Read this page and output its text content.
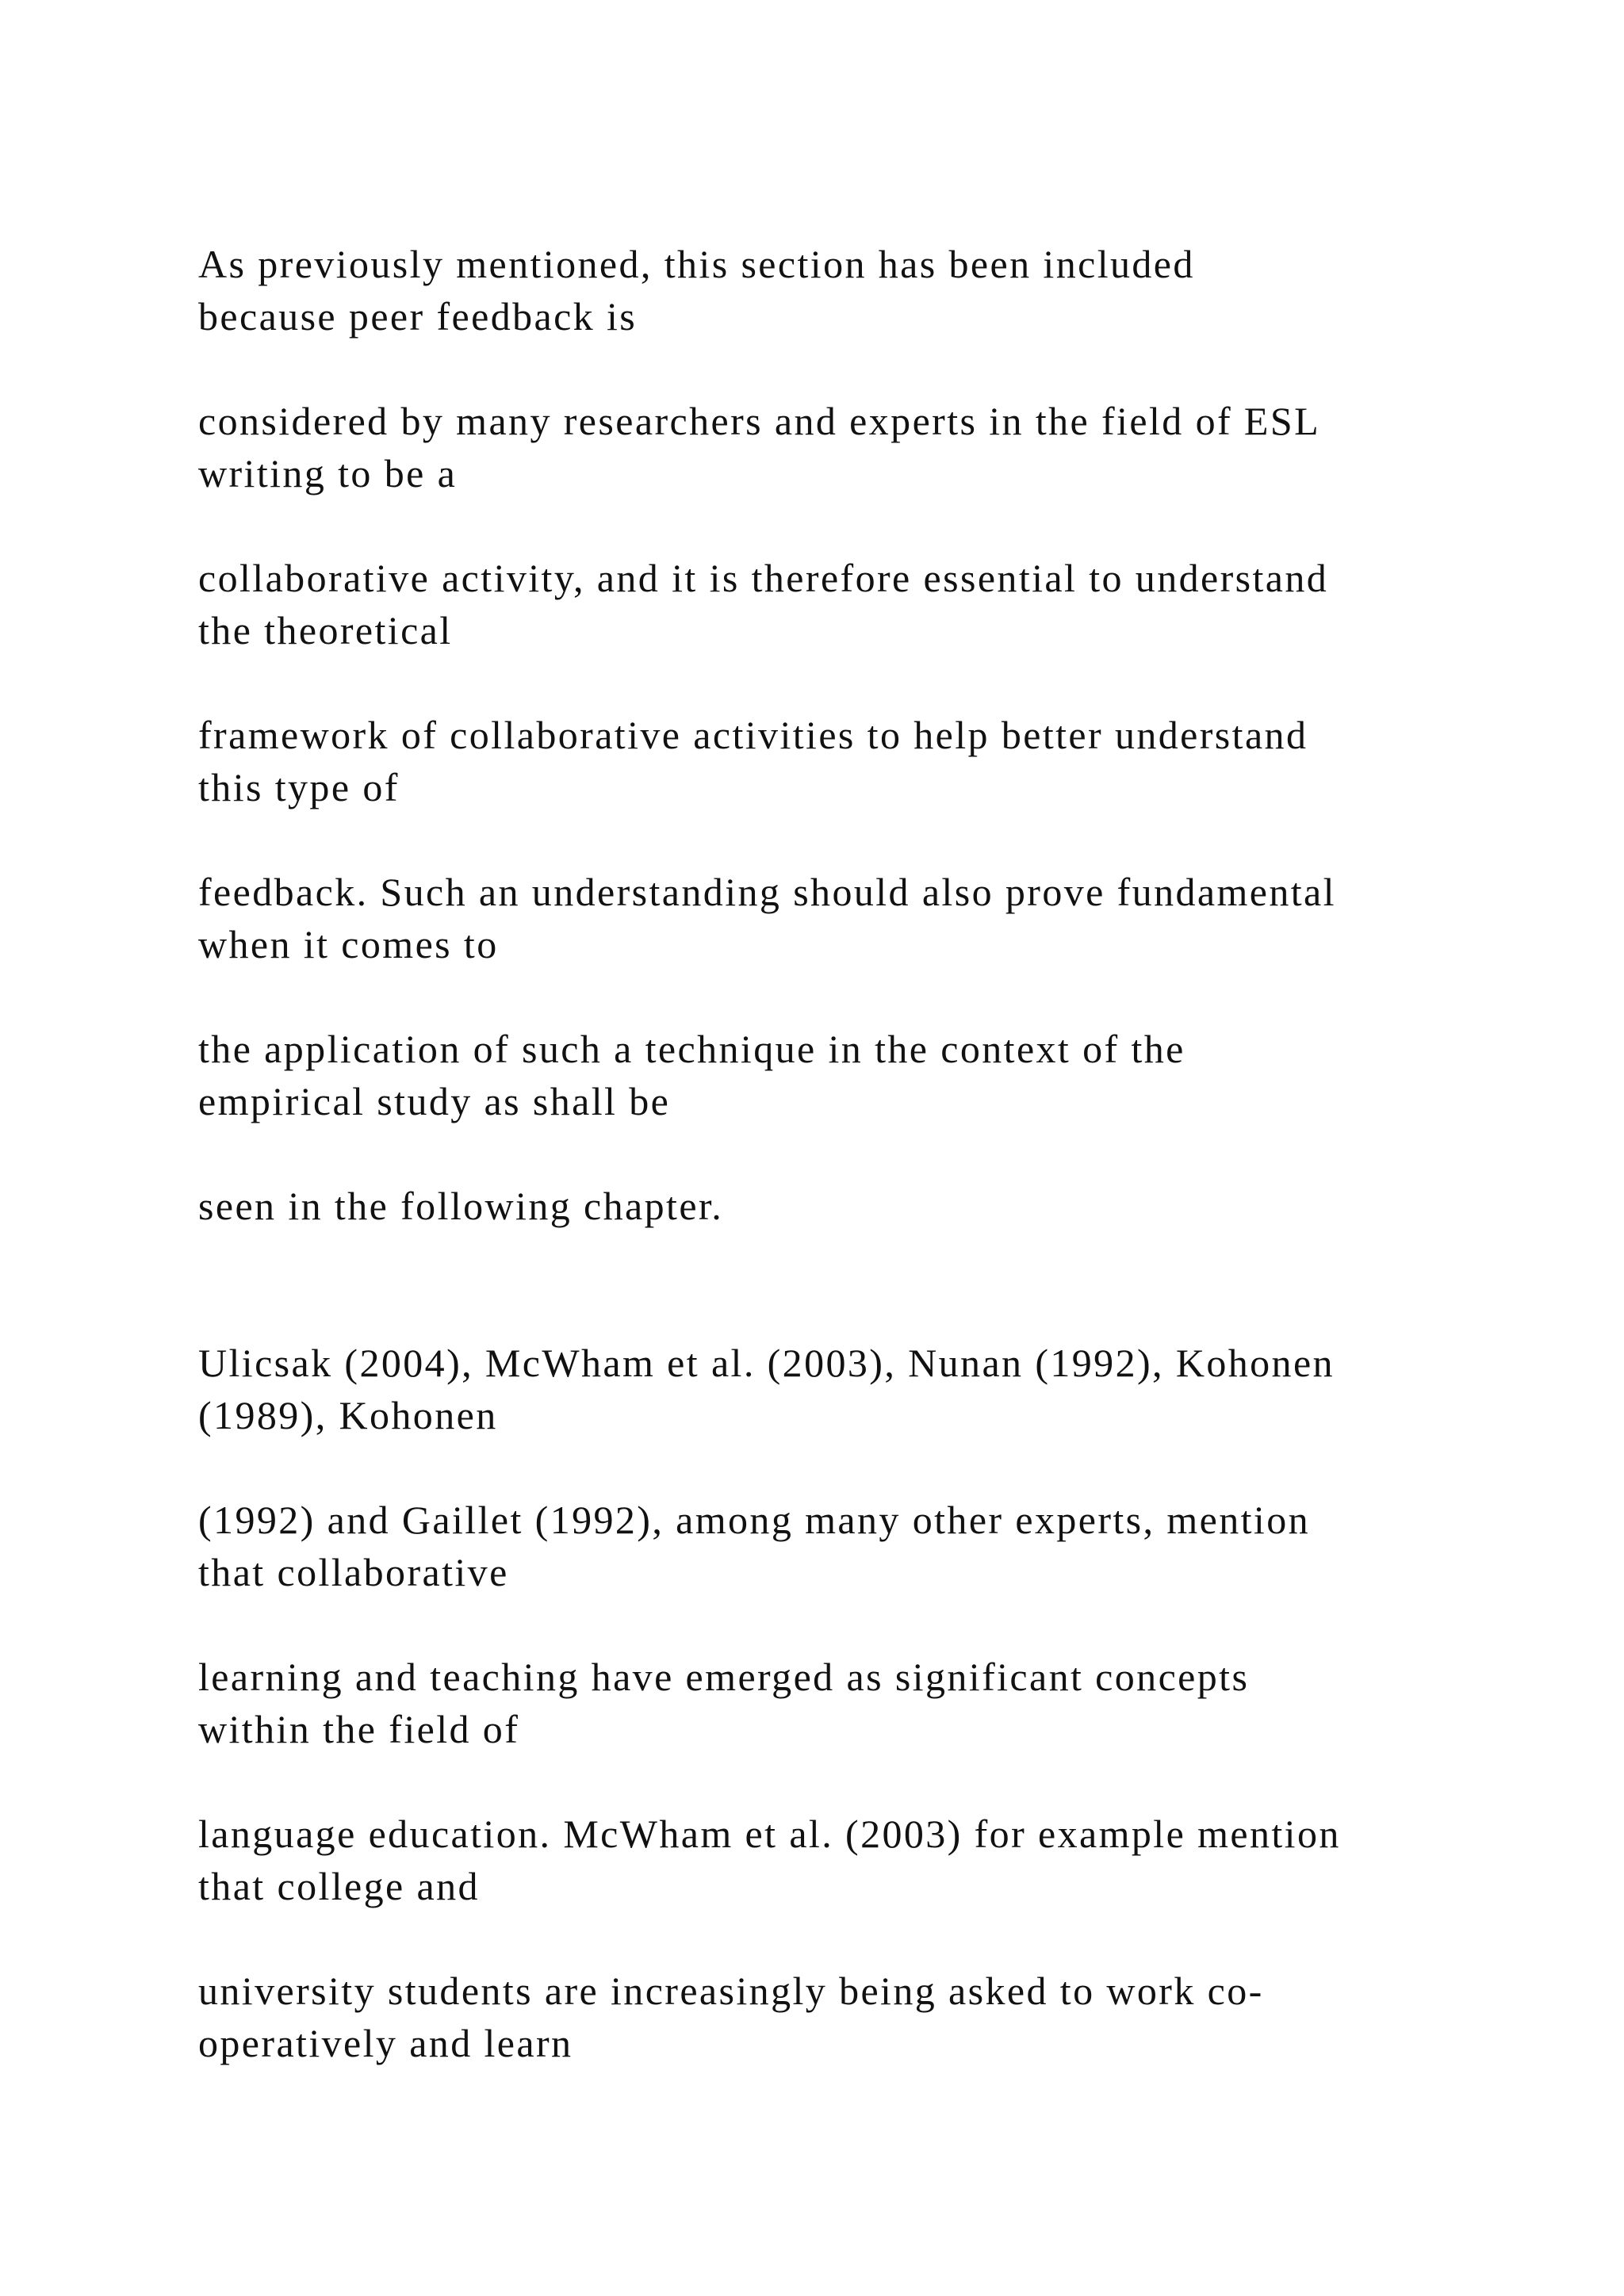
As previously mentioned, this section has been included
because peer feedback is

considered by many researchers and experts in the field of ESL
writing to be a

collaborative activity, and it is therefore essential to understand
the theoretical

framework of collaborative activities to help better understand
this type of

feedback. Such an understanding should also prove fundamental
when it comes to

the application of such a technique in the context of the
empirical study as shall be

seen in the following chapter.

Ulicsak (2004), McWham et al. (2003), Nunan (1992), Kohonen
(1989), Kohonen

(1992) and Gaillet (1992), among many other experts, mention
that collaborative

learning and teaching have emerged as significant concepts
within the field of

language education. McWham et al. (2003) for example mention
that college and

university students are increasingly being asked to work co-
operatively and learn
